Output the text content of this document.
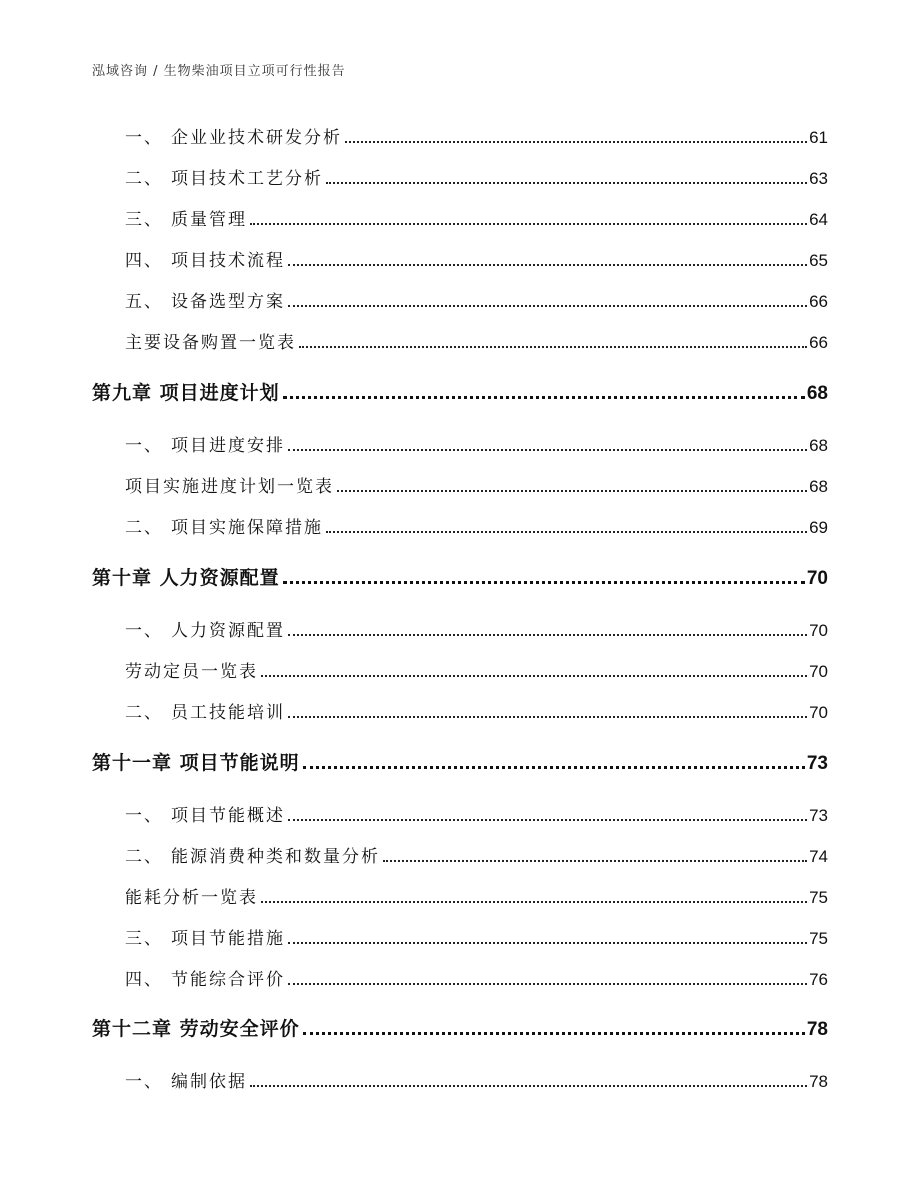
泓域咨询 / 生物柴油项目立项可行性报告
一、 企业业技术研发分析	61
二、 项目技术工艺分析	63
三、 质量管理	64
四、 项目技术流程	65
五、 设备选型方案	66
主要设备购置一览表	66
第九章 项目进度计划	68
一、 项目进度安排	68
项目实施进度计划一览表	68
二、 项目实施保障措施	69
第十章 人力资源配置	70
一、 人力资源配置	70
劳动定员一览表	70
二、 员工技能培训	70
第十一章 项目节能说明	73
一、 项目节能概述	73
二、 能源消费种类和数量分析	74
能耗分析一览表	75
三、 项目节能措施	75
四、 节能综合评价	76
第十二章 劳动安全评价	78
一、 编制依据	78
